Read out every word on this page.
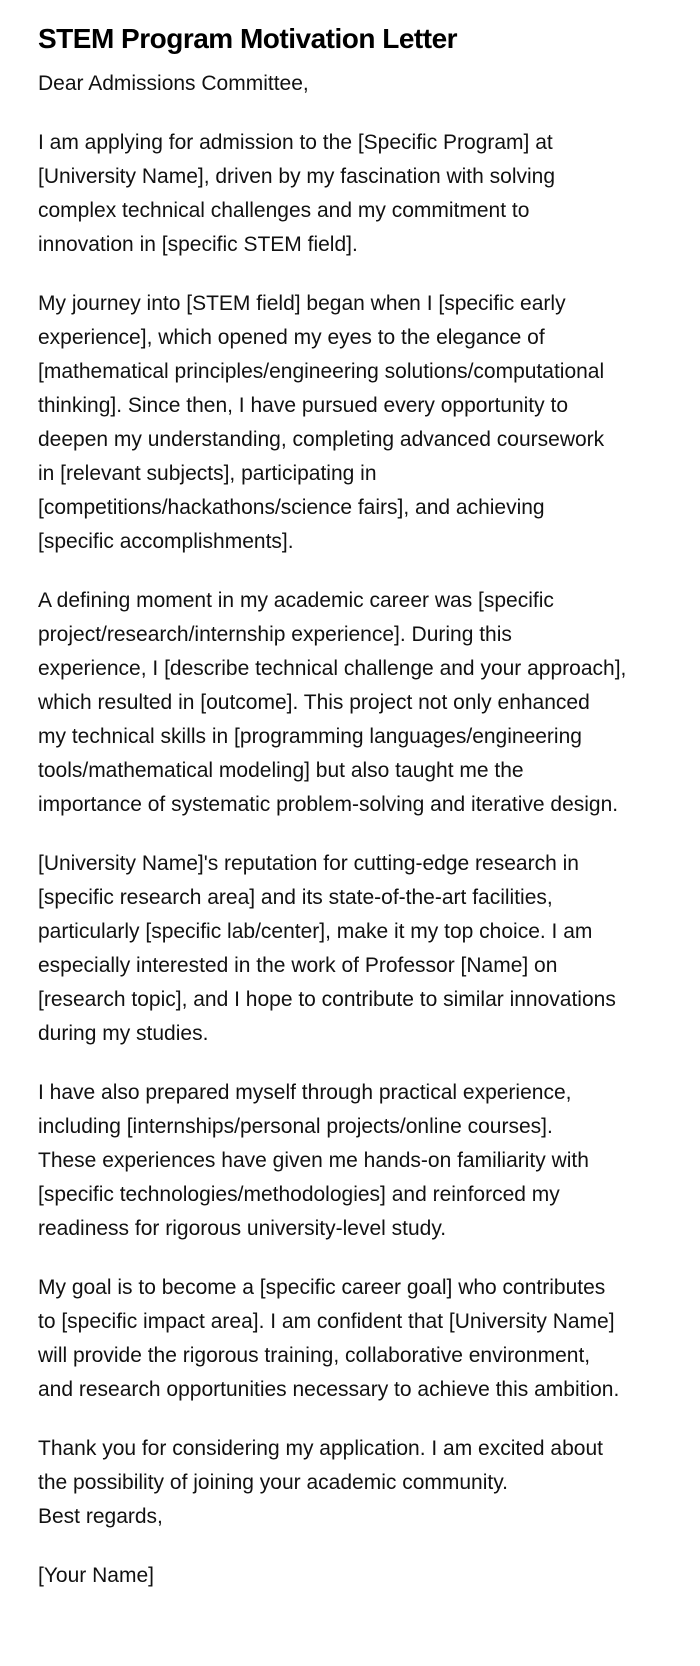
STEM Program Motivation Letter

Dear Admissions Committee,

I am applying for admission to the [Specific Program] at
[University Name], driven by my fascination with solving
complex technical challenges and my commitment to
innovation in [specific STEM field].

My journey into [STEM field] began when I [specific early
experience], which opened my eyes to the elegance of
[mathematical principles/engineering solutions/computational
thinking]. Since then, I have pursued every opportunity to
deepen my understanding, completing advanced coursework
in [relevant subjects], participating in
[competitions/hackathons/science fairs], and achieving
[specific accomplishments].

A defining moment in my academic career was [specific
project/research/internship experience]. During this
experience, I [describe technical challenge and your approach],
which resulted in [outcome]. This project not only enhanced
my technical skills in [programming languages/engineering
tools/mathematical modeling] but also taught me the
importance of systematic problem-solving and iterative design.

[University Name]'s reputation for cutting-edge research in
[specific research area] and its state-of-the-art facilities,
particularly [specific lab/center], make it my top choice. I am
especially interested in the work of Professor [Name] on
[research topic], and I hope to contribute to similar innovations
during my studies.

I have also prepared myself through practical experience,
including [internships/personal projects/online courses].
These experiences have given me hands-on familiarity with
[specific technologies/methodologies] and reinforced my
readiness for rigorous university-level study.

My goal is to become a [specific career goal] who contributes
to [specific impact area]. I am confident that [University Name]
will provide the rigorous training, collaborative environment,
and research opportunities necessary to achieve this ambition.

Thank you for considering my application. I am excited about
the possibility of joining your academic community.

Best regards,

[Your Name]
